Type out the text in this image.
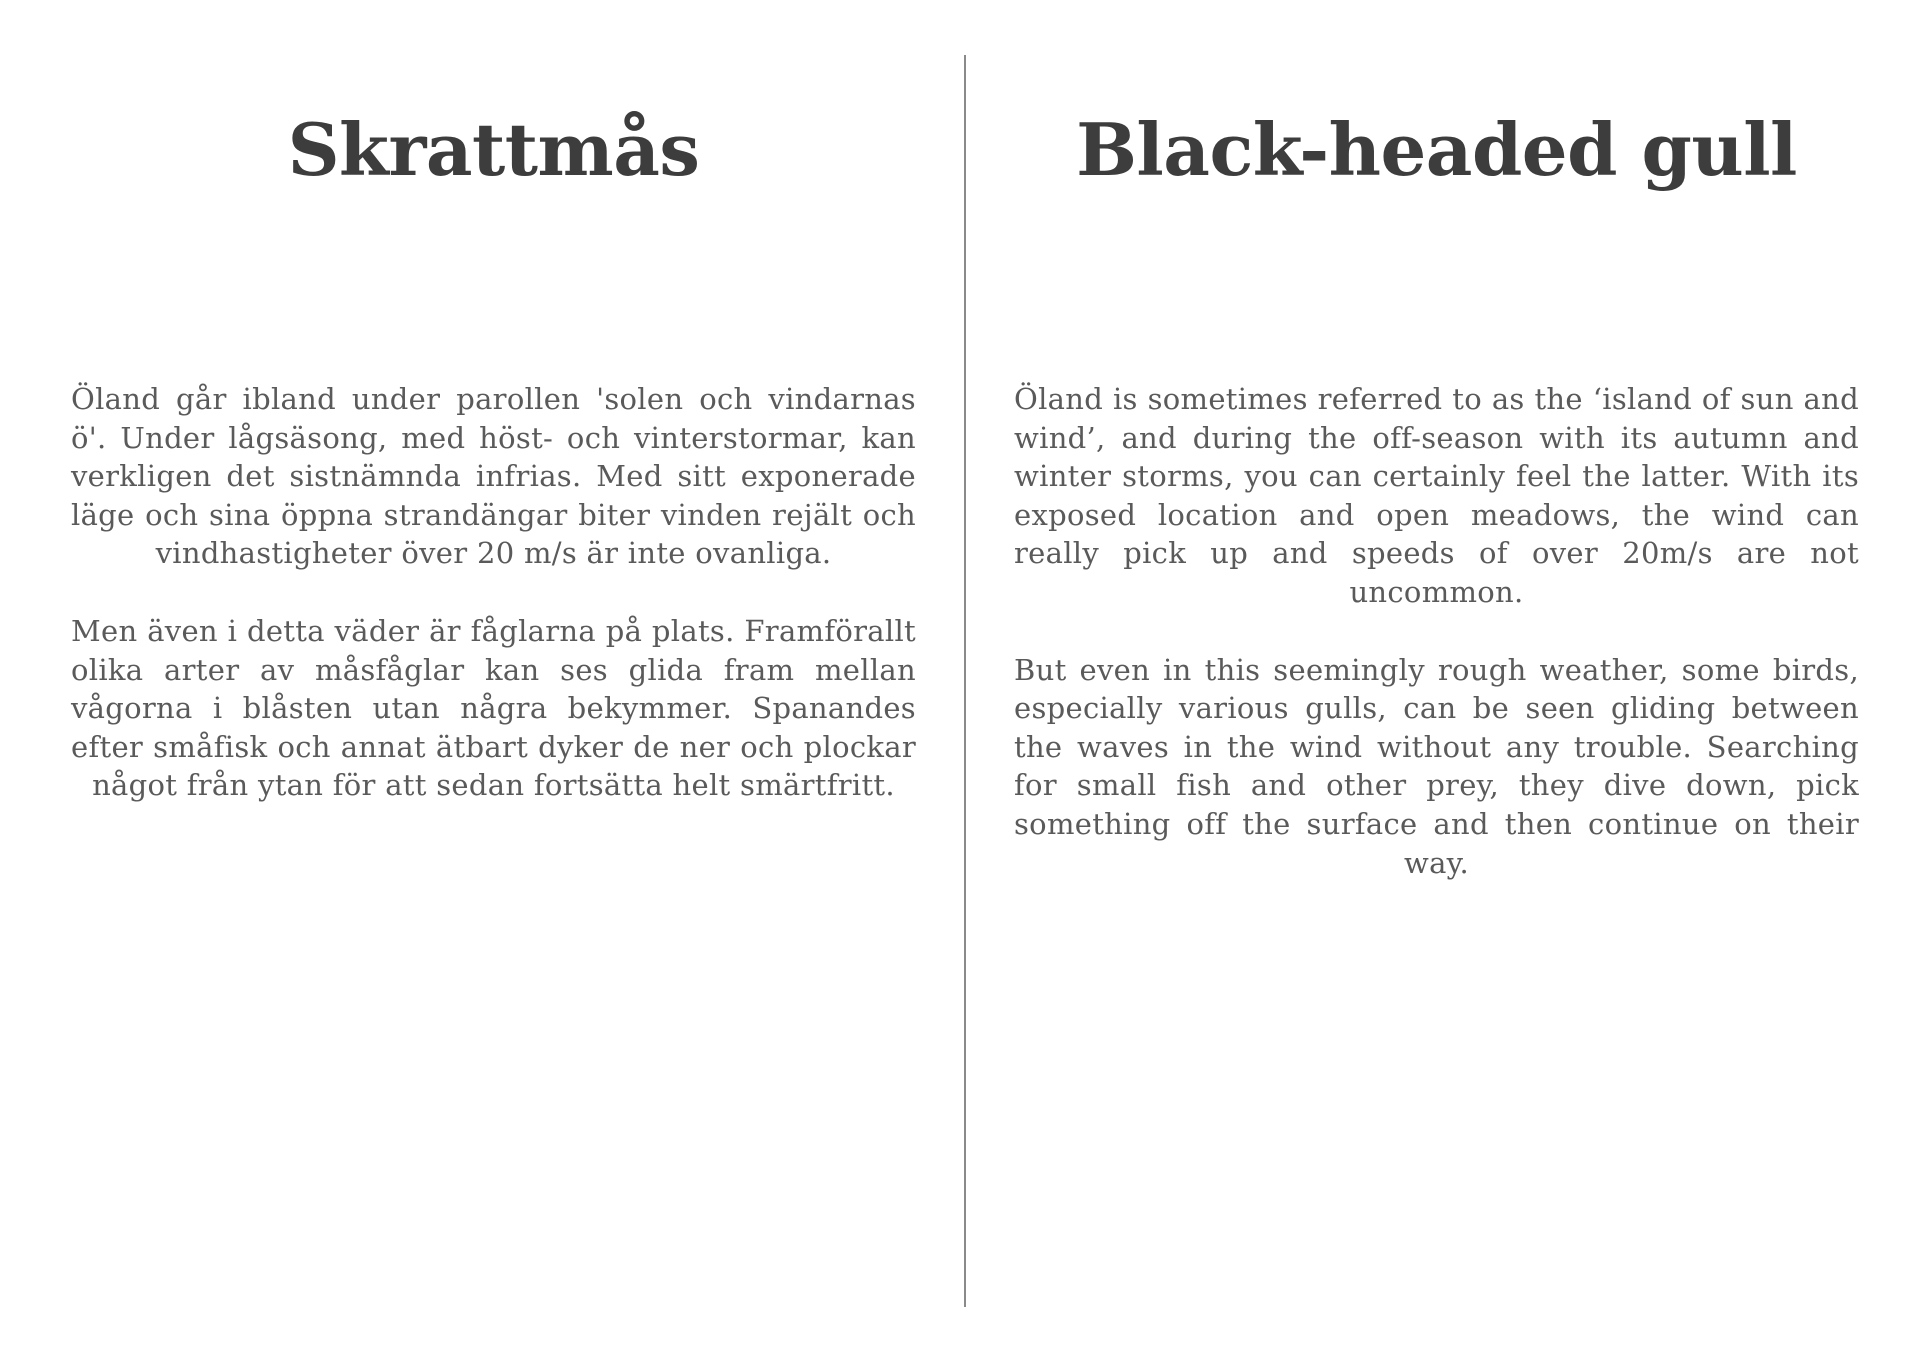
Skrattmås

Öland går ibland under parollen 'solen och vindarnas ö'. Under lågsäsong, med höst- och vinterstormar, kan verkligen det sistnämnda infrias. Med sitt exponerade läge och sina öppna strandängar biter vinden rejält och vindhastigheter över 20 m/s är inte ovanliga.

Men även i detta väder är fåglarna på plats. Framförallt olika arter av måsfåglar kan ses glida fram mellan vågorna i blåsten utan några bekymmer. Spanandes efter småfisk och annat ätbart dyker de ner och plockar något från ytan för att sedan fortsätta helt smärtfritt.

Black-headed gull

Öland is sometimes referred to as the ‘island of sun and wind’, and during the off-season with its autumn and winter storms, you can certainly feel the latter. With its exposed location and open meadows, the wind can really pick up and speeds of over 20m/s are not uncommon.

But even in this seemingly rough weather, some birds, especially various gulls, can be seen gliding between the waves in the wind without any trouble. Searching for small fish and other prey, they dive down, pick something off the surface and then continue on their way.
